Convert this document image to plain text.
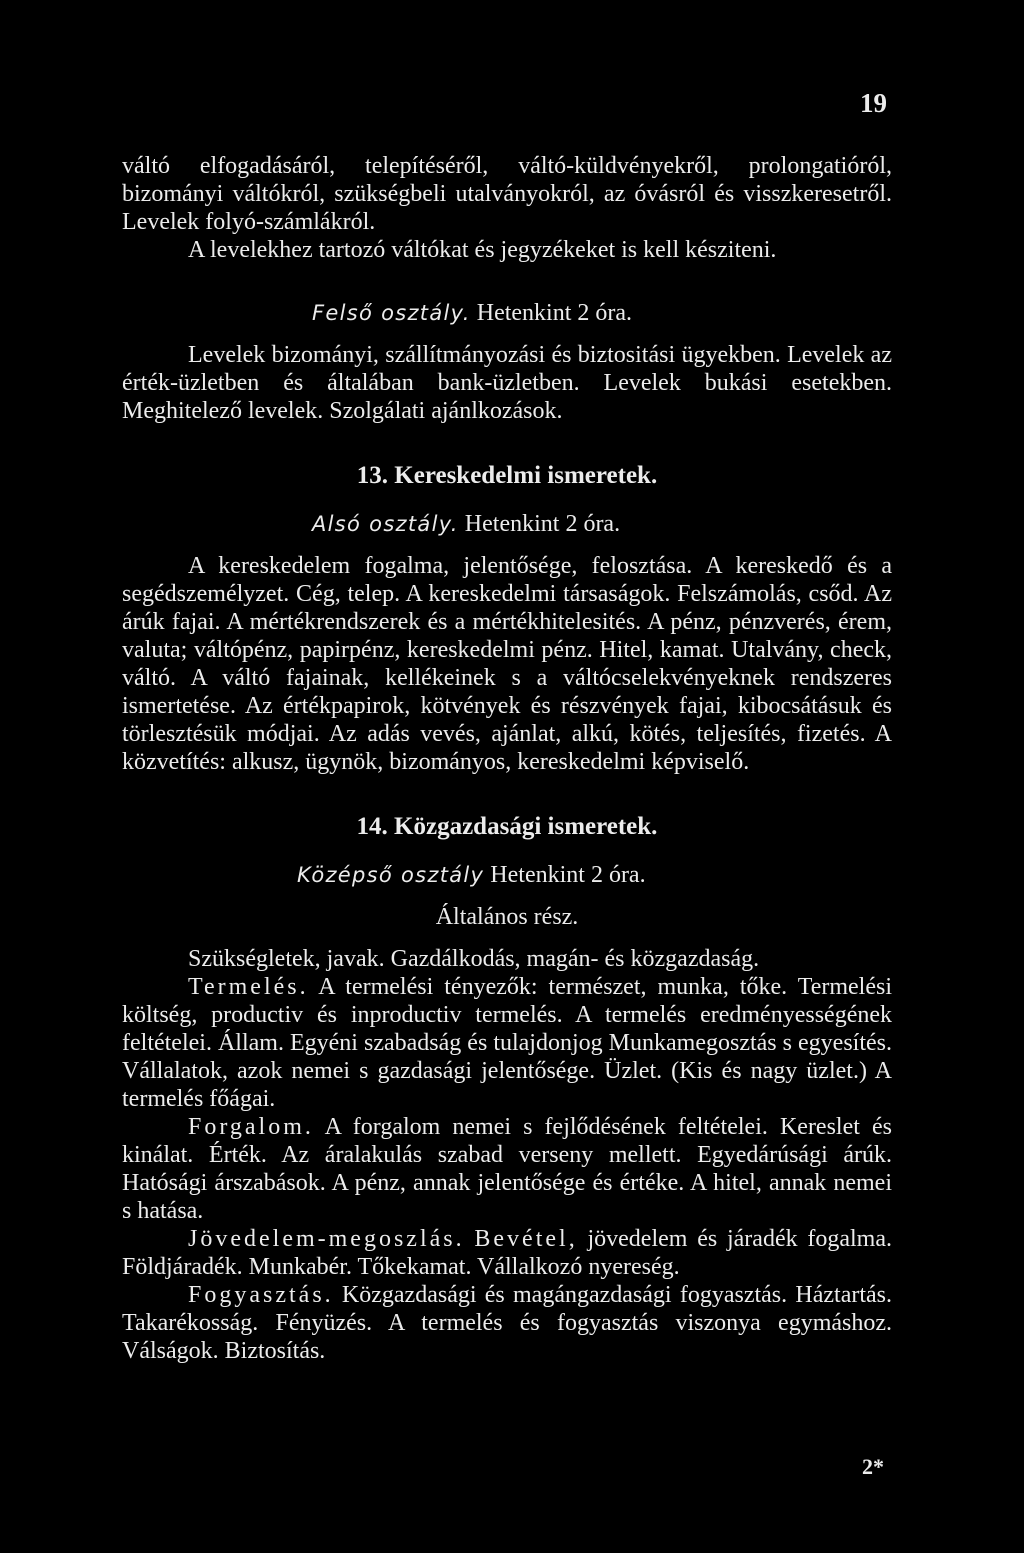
19

váltó elfogadásáról, telepítéséről, váltó-küldvényekről, prolongatióról, bizományi váltókról, szükségbeli utalványokról, az óvásról és visszkeresetről. Levelek folyó-számlákról.

A levelekhez tartozó váltókat és jegyzékeket is kell késziteni.

Felső osztály. Hetenkint 2 óra.

Levelek bizományi, szállítmányozási és biztositási ügyekben. Levelek az érték-üzletben és általában bank-üzletben. Levelek bukási esetekben. Meghitelező levelek. Szolgálati ajánlkozások.

13. Kereskedelmi ismeretek.

Alsó osztály. Hetenkint 2 óra.

A kereskedelem fogalma, jelentősége, felosztása. A kereskedő és a segédszemélyzet. Cég, telep. A kereskedelmi társaságok. Felszámolás, csőd. Az árúk fajai. A mértékrendszerek és a mértékhitelesités. A pénz, pénzverés, érem, valuta; váltópénz, papirpénz, kereskedelmi pénz. Hitel, kamat. Utalvány, check, váltó. A váltó fajainak, kellékeinek s a váltócselekvényeknek rendszeres ismertetése. Az értékpapirok, kötvények és részvények fajai, kibocsátásuk és törlesztésük módjai. Az adás vevés, ajánlat, alkú, kötés, teljesítés, fizetés. A közvetítés: alkusz, ügynök, bizományos, kereskedelmi képviselő.

14. Közgazdasági ismeretek.

Középső osztály Hetenkint 2 óra.

Általános rész.

Szükségletek, javak. Gazdálkodás, magán- és közgazdaság.

Termelés. A termelési tényezők: természet, munka, tőke. Termelési költség, productiv és inproductiv termelés. A termelés eredményességének feltételei. Állam. Egyéni szabadság és tulajdonjog Munkamegosztás s egyesítés. Vállalatok, azok nemei s gazdasági jelentősége. Üzlet. (Kis és nagy üzlet.) A termelés főágai.

Forgalom. A forgalom nemei s fejlődésének feltételei. Kereslet és kinálat. Érték. Az áralakulás szabad verseny mellett. Egyedárúsági árúk. Hatósági árszabások. A pénz, annak jelentősége és értéke. A hitel, annak nemei s hatása.

Jövedelem-megoszlás. Bevétel, jövedelem és járadék fogalma. Földjáradék. Munkabér. Tőkekamat. Vállalkozó nyereség.

Fogyasztás. Közgazdasági és magángazdasági fogyasztás. Háztartás. Takarékosság. Fényüzés. A termelés és fogyasztás viszonya egymáshoz. Válságok. Biztosítás.

2*
